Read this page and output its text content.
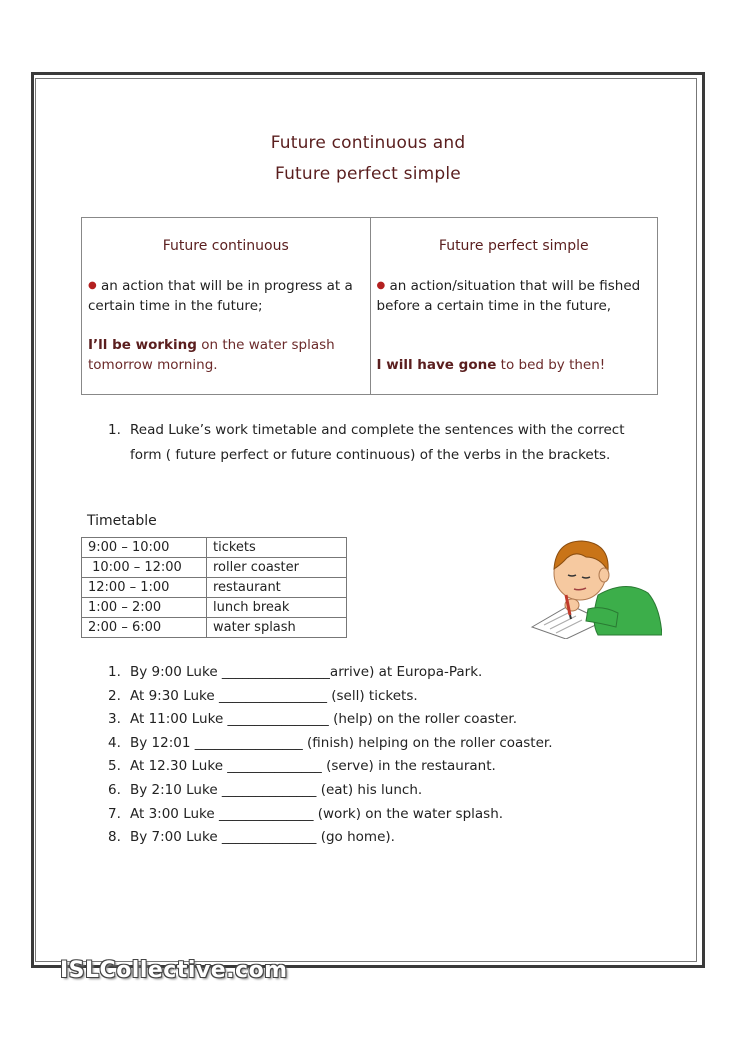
Future continuous and
Future perfect simple
Future continuous
● an action that will be in progress at a certain time in the future;
I’ll be working on the water splash tomorrow morning.
Future perfect simple
● an action/situation that will be fished before a certain time in the future,
I will have gone to bed by then!
1. Read Luke’s work timetable and complete the sentences with the correct form ( future perfect or future continuous) of the verbs in the brackets.
Timetable
9:00 – 10:00	tickets
10:00 – 12:00	roller coaster
12:00 – 1:00	restaurant
1:00 – 2:00	lunch break
2:00 – 6:00	water splash
1. By 9:00 Luke ________________arrive) at Europa-Park.
2. At 9:30 Luke ________________ (sell) tickets.
3. At 11:00 Luke _______________ (help) on the roller coaster.
4. By 12:01 ________________ (finish) helping on the roller coaster.
5. At 12.30 Luke ______________ (serve) in the restaurant.
6. By 2:10 Luke ______________ (eat) his lunch.
7. At 3:00 Luke ______________ (work) on the water splash.
8. By 7:00 Luke ______________ (go home).
ISLCollective.com
